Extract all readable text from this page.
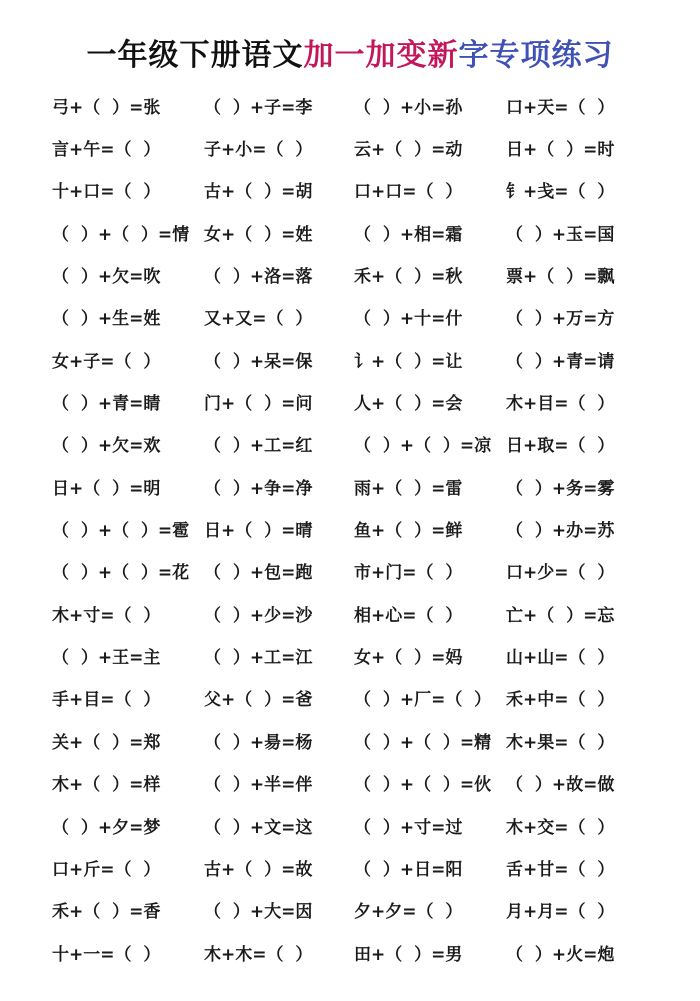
一年级下册语文加一加变新字专项练习
弓+（  ）=张	（  ）+子=李	（  ）+小=孙	口+天=（  ）
言+午=（  ）	子+小=（  ）	云+（  ）=动	日+（  ）=时
十+口=（  ）	古+（  ）=胡	口+口=（  ）	钅+戋=（  ）
（  ）+（  ）=情 女+（  ）=姓	（  ）+相=霜	（  ）+玉=国
（  ）+欠=吹	（  ）+洛=落	禾+（  ）=秋	票+（  ）=飘
（  ）+生=姓	又+又=（  ）	（  ）+十=什	（  ）+万=方
女+子=（  ）	（  ）+呆=保	讠+（  ）=让	（  ）+青=请
（  ）+青=睛	门+（  ）=问	人+（  ）=会	木+目=（  ）
（  ）+欠=欢	（  ）+工=红	（  ）+（  ）=凉 日+取=（  ）
日+（  ）=明	（  ）+争=净	雨+（  ）=雷	（  ）+务=雾
（  ）+（  ）=雹 日+（  ）=晴	鱼+（  ）=鲜	（  ）+办=苏
（  ）+（  ）=花 （  ）+包=跑	市+门=（  ）	口+少=（  ）
木+寸=（  ）	（  ）+少=沙	相+心=（  ）	亡+（  ）=忘
（  ）+王=主	（  ）+工=江	女+（  ）=妈	山+山=（  ）
手+目=（  ）	父+（  ）=爸	（  ）+厂=（  ） 禾+中=（  ）
关+（  ）=郑	（  ）+昜=杨	（  ）+（  ）=精 木+果=（  ）
木+（  ）=样	（  ）+半=伴	（  ）+（  ）=伙 （  ）+故=做
（  ）+夕=梦	（  ）+文=这	（  ）+寸=过	木+交=（  ）
口+斤=（  ）	古+（  ）=故	（  ）+日=阳	舌+甘=（  ）
禾+（  ）=香	（  ）+大=因	夕+夕=（  ）	月+月=（  ）
十+一=（  ）	木+木=（  ）	田+（  ）=男	（  ）+火=炮
